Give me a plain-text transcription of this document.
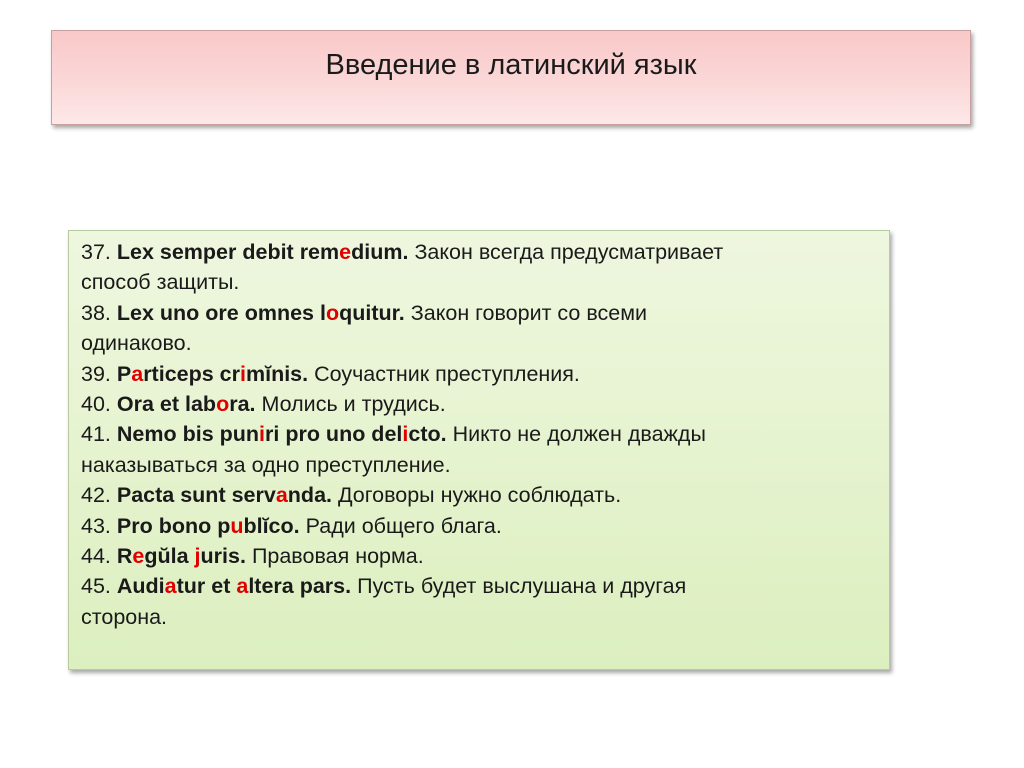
Введение в латинский язык

37. Lex semper debit remedium. Закон всегда предусматривает

способ защиты.

38. Lex uno ore omnes loquitur. Закон говорит со всеми

одинаково.

39. Particeps crimĭnis. Соучастник преступления.

40. Ora et labora. Молись и трудись.

41. Nemo bis puniri pro uno delicto. Никто не должен дважды

наказываться за одно преступление.

42. Pacta sunt servanda. Договоры нужно соблюдать.

43. Pro bono publĭco. Ради общего блага.

44. Regŭla juris. Правовая норма.

45. Audiatur et altera pars. Пусть будет выслушана и другая

сторона.
